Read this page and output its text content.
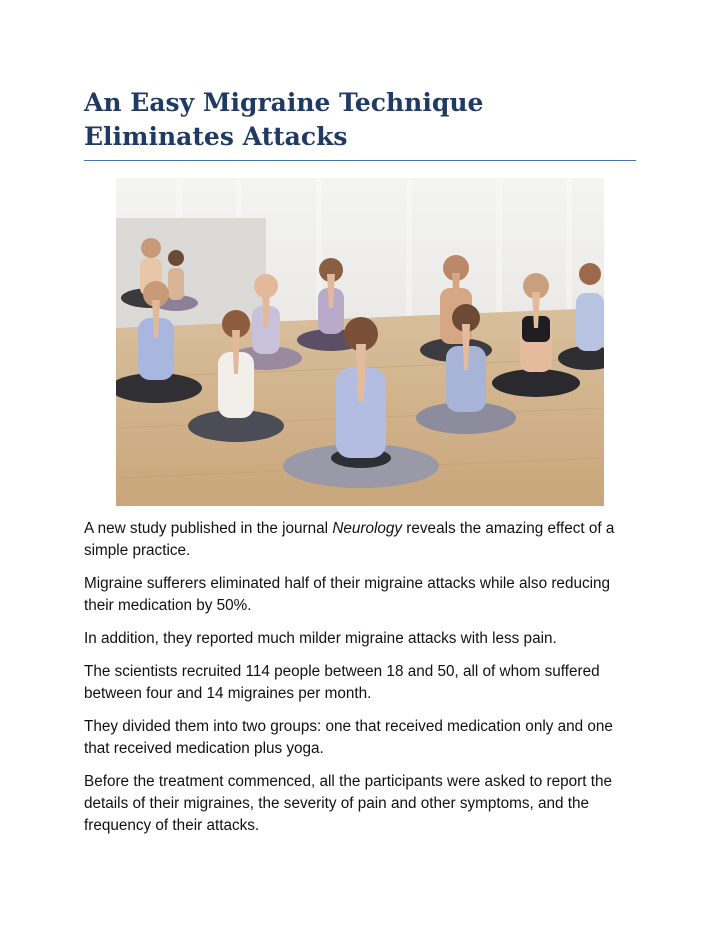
An Easy Migraine Technique
Eliminates Attacks

A new study published in the journal Neurology reveals the amazing effect of a simple practice.

Migraine sufferers eliminated half of their migraine attacks while also reducing their medication by 50%.

In addition, they reported much milder migraine attacks with less pain.

The scientists recruited 114 people between 18 and 50, all of whom suffered between four and 14 migraines per month.

They divided them into two groups: one that received medication only and one that received medication plus yoga.

Before the treatment commenced, all the participants were asked to report the details of their migraines, the severity of pain and other symptoms, and the frequency of their attacks.
